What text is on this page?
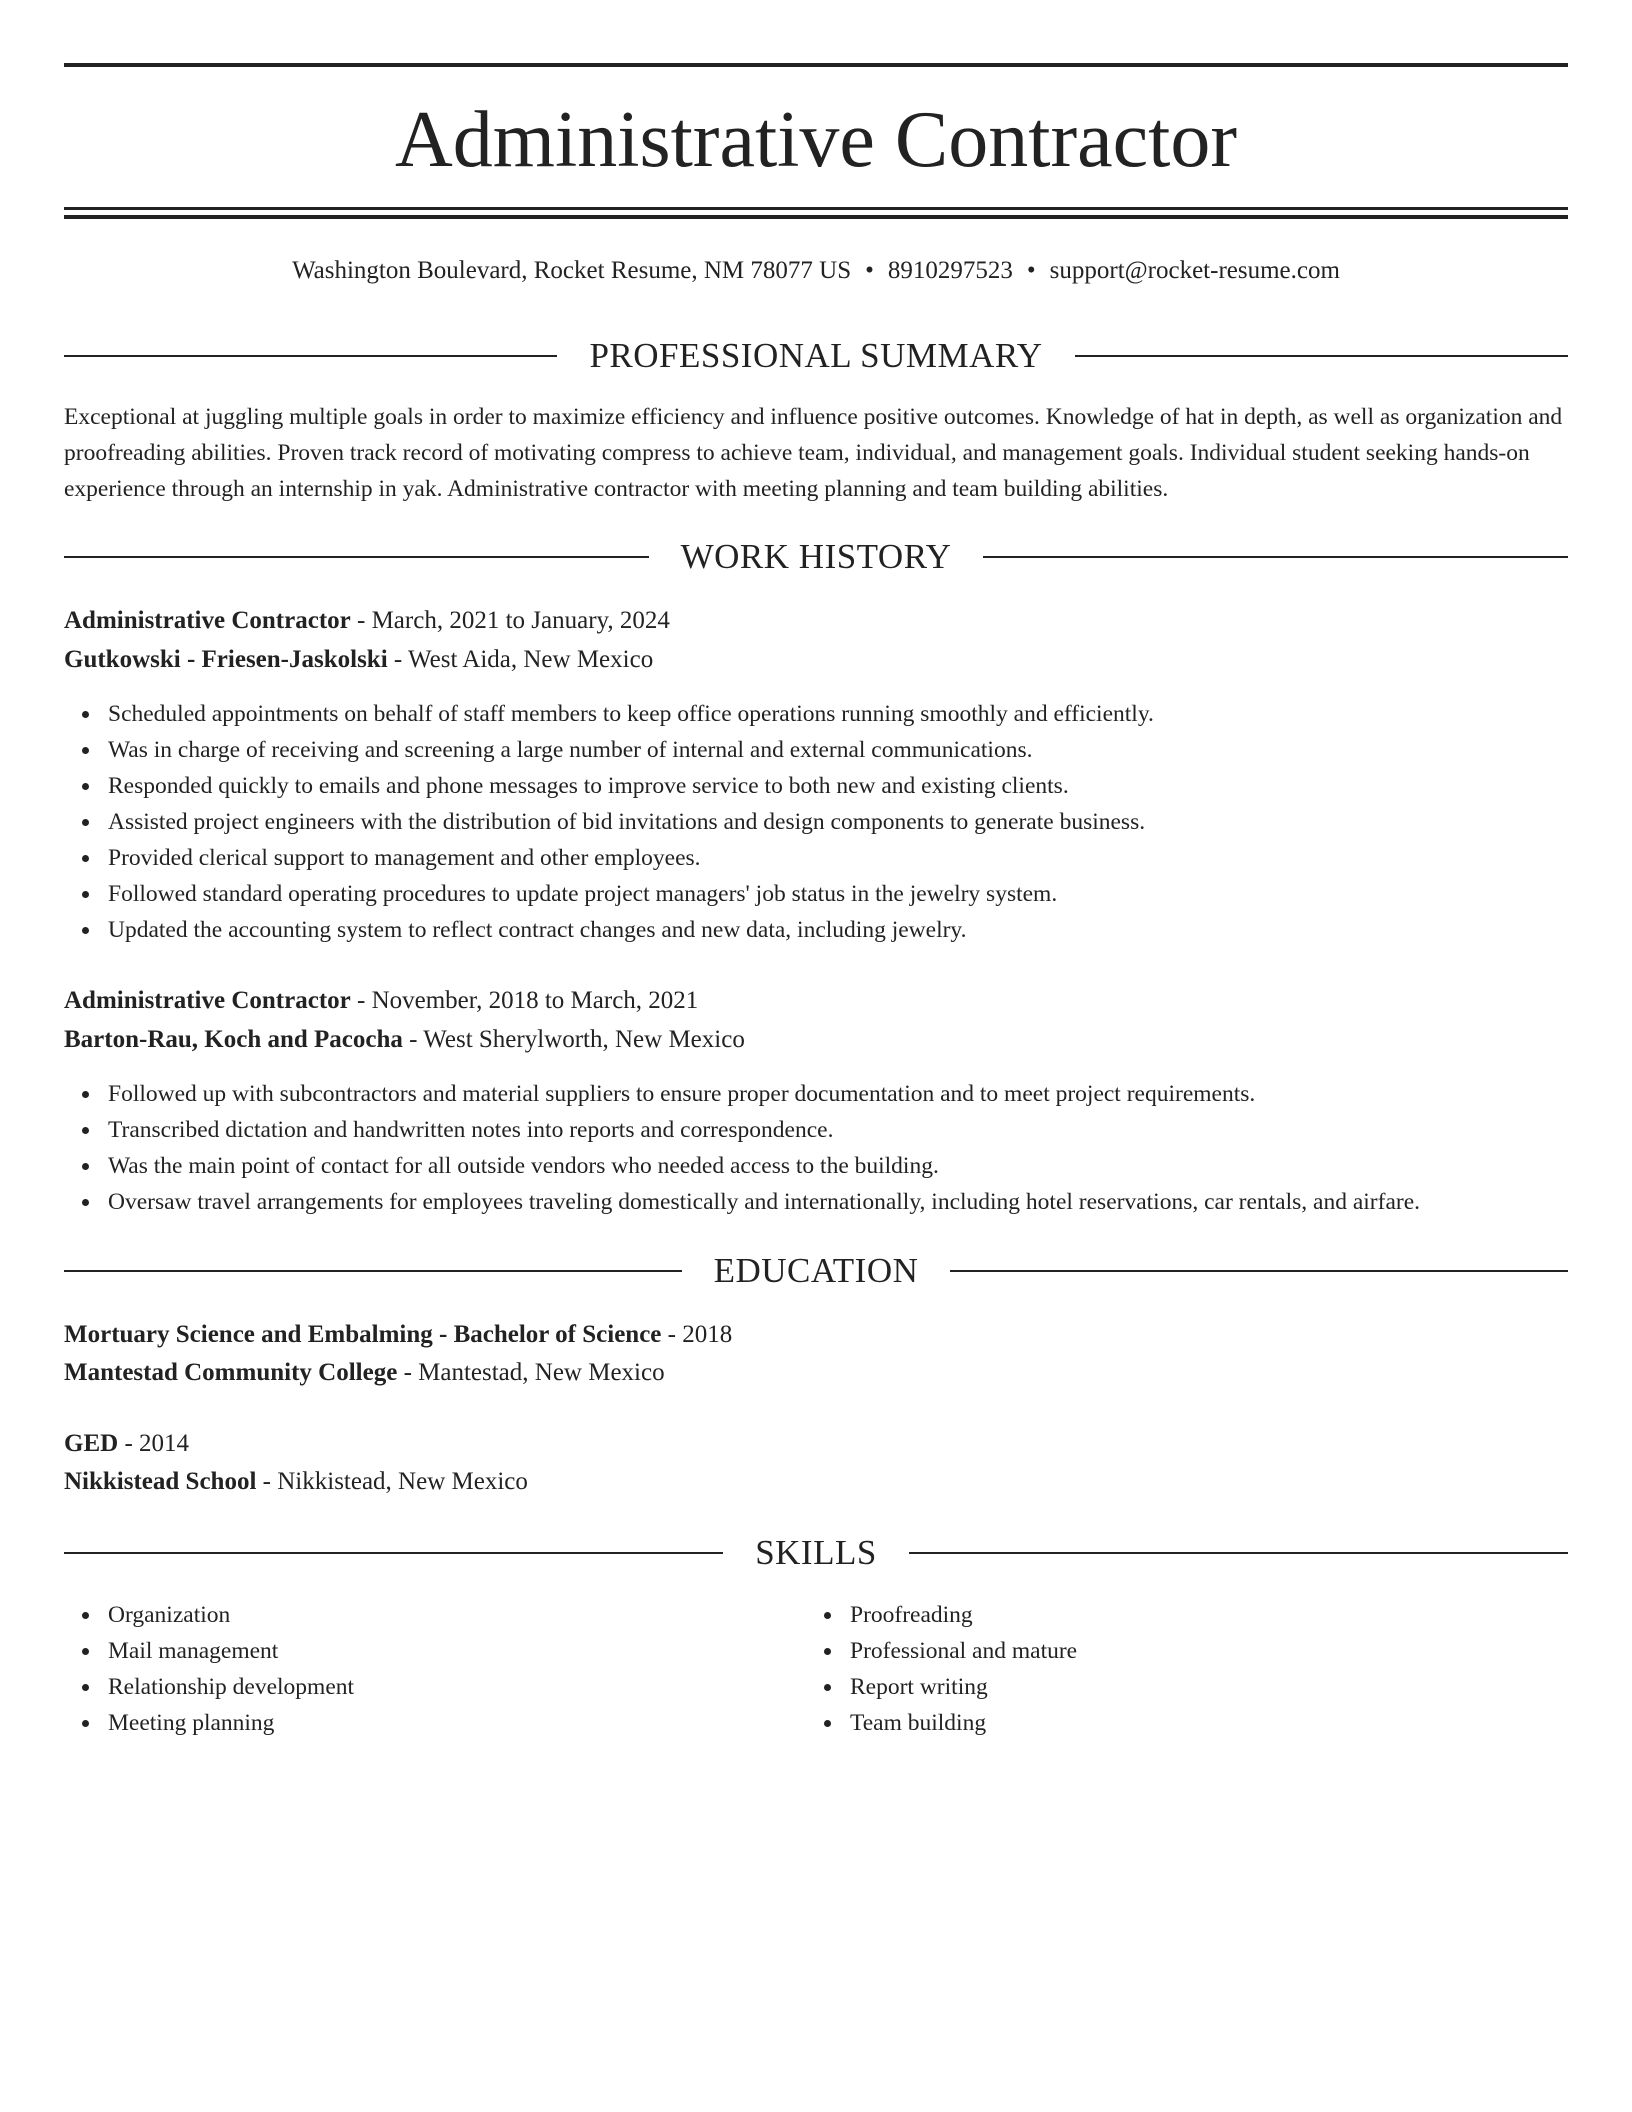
Administrative Contractor
Washington Boulevard, Rocket Resume, NM 78077 US • 8910297523 • support@rocket-resume.com
PROFESSIONAL SUMMARY

Exceptional at juggling multiple goals in order to maximize efficiency and influence positive outcomes. Knowledge of hat in depth, as well as organization and proofreading abilities. Proven track record of motivating compress to achieve team, individual, and management goals. Individual student seeking hands-on experience through an internship in yak. Administrative contractor with meeting planning and team building abilities.

WORK HISTORY
Administrative Contractor - March, 2021 to January, 2024
Gutkowski - Friesen-Jaskolski - West Aida, New Mexico
Scheduled appointments on behalf of staff members to keep office operations running smoothly and efficiently.
Was in charge of receiving and screening a large number of internal and external communications.
Responded quickly to emails and phone messages to improve service to both new and existing clients.
Assisted project engineers with the distribution of bid invitations and design components to generate business.
Provided clerical support to management and other employees.
Followed standard operating procedures to update project managers' job status in the jewelry system.
Updated the accounting system to reflect contract changes and new data, including jewelry.
Administrative Contractor - November, 2018 to March, 2021
Barton-Rau, Koch and Pacocha - West Sherylworth, New Mexico
Followed up with subcontractors and material suppliers to ensure proper documentation and to meet project requirements.
Transcribed dictation and handwritten notes into reports and correspondence.
Was the main point of contact for all outside vendors who needed access to the building.
Oversaw travel arrangements for employees traveling domestically and internationally, including hotel reservations, car rentals, and airfare.
EDUCATION
Mortuary Science and Embalming - Bachelor of Science - 2018
Mantestad Community College - Mantestad, New Mexico
GED - 2014
Nikkistead School - Nikkistead, New Mexico
SKILLS
Organization
Mail management
Relationship development
Meeting planning
Proofreading
Professional and mature
Report writing
Team building
